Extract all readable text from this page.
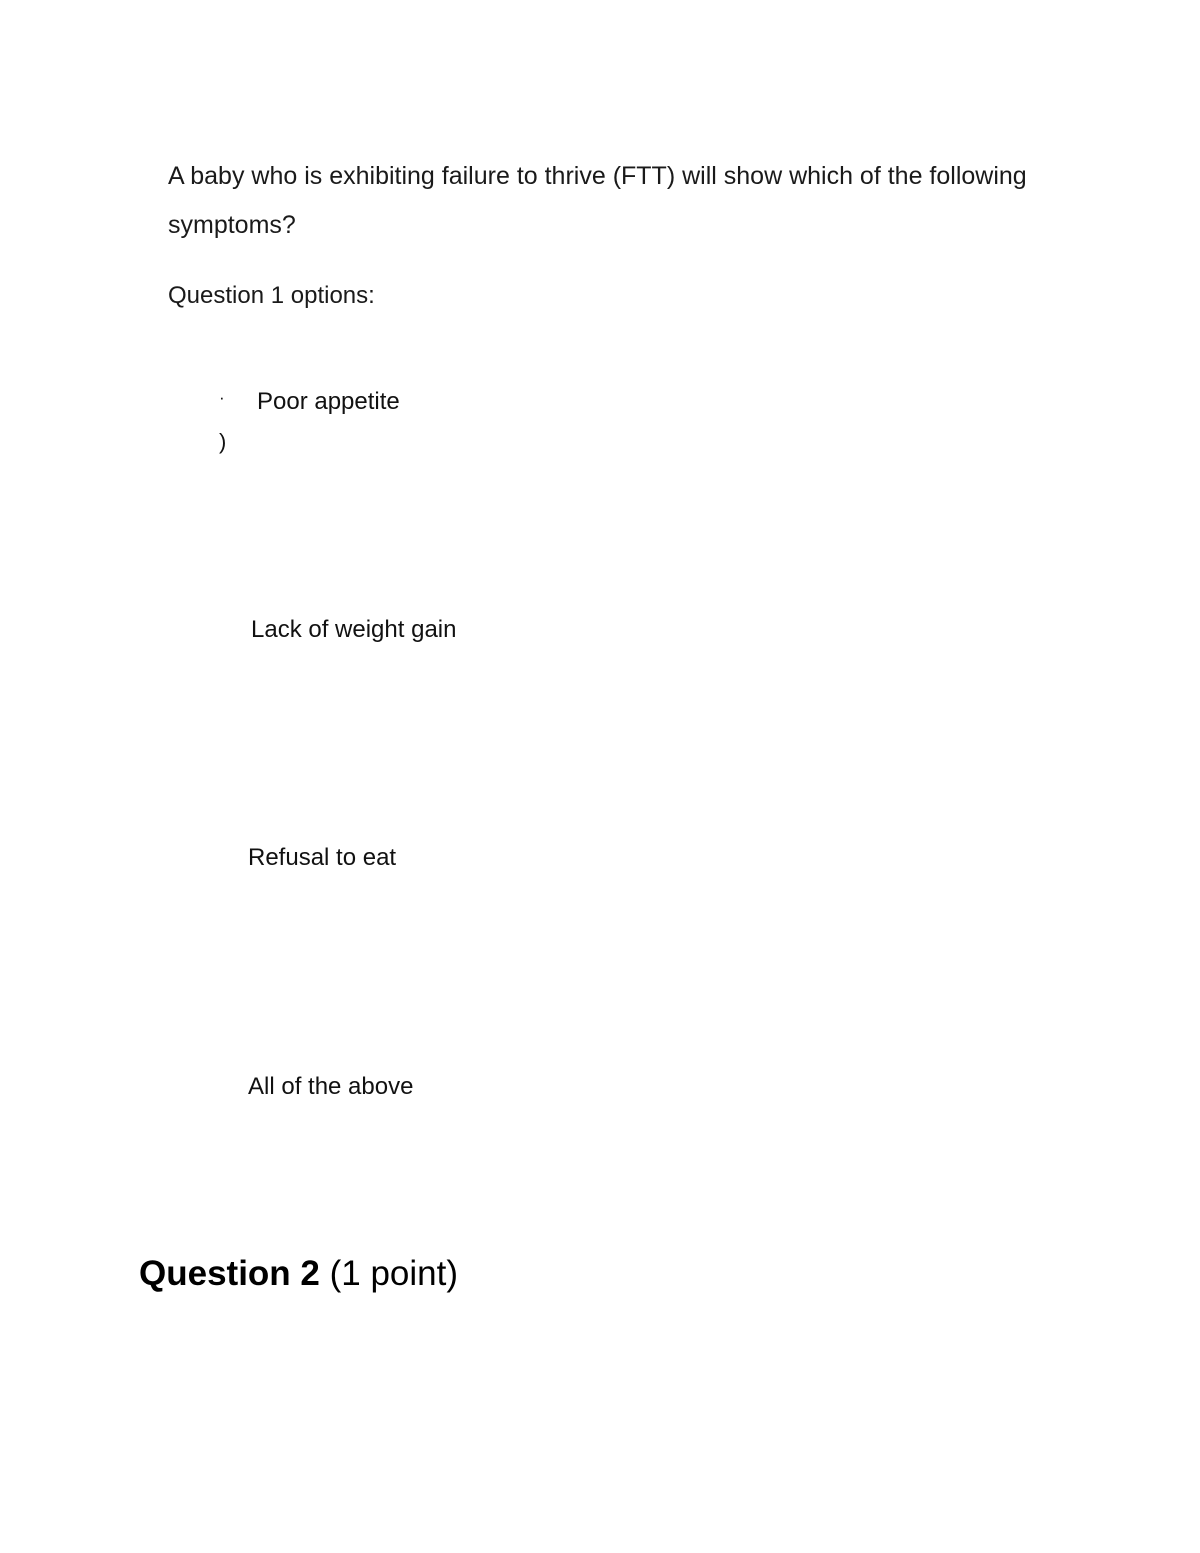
A baby who is exhibiting failure to thrive (FTT) will show which of the following symptoms?
Question 1 options:
·
)
Poor appetite
Lack of weight gain
Refusal to eat
All of the above
Question 2 (1 point)
